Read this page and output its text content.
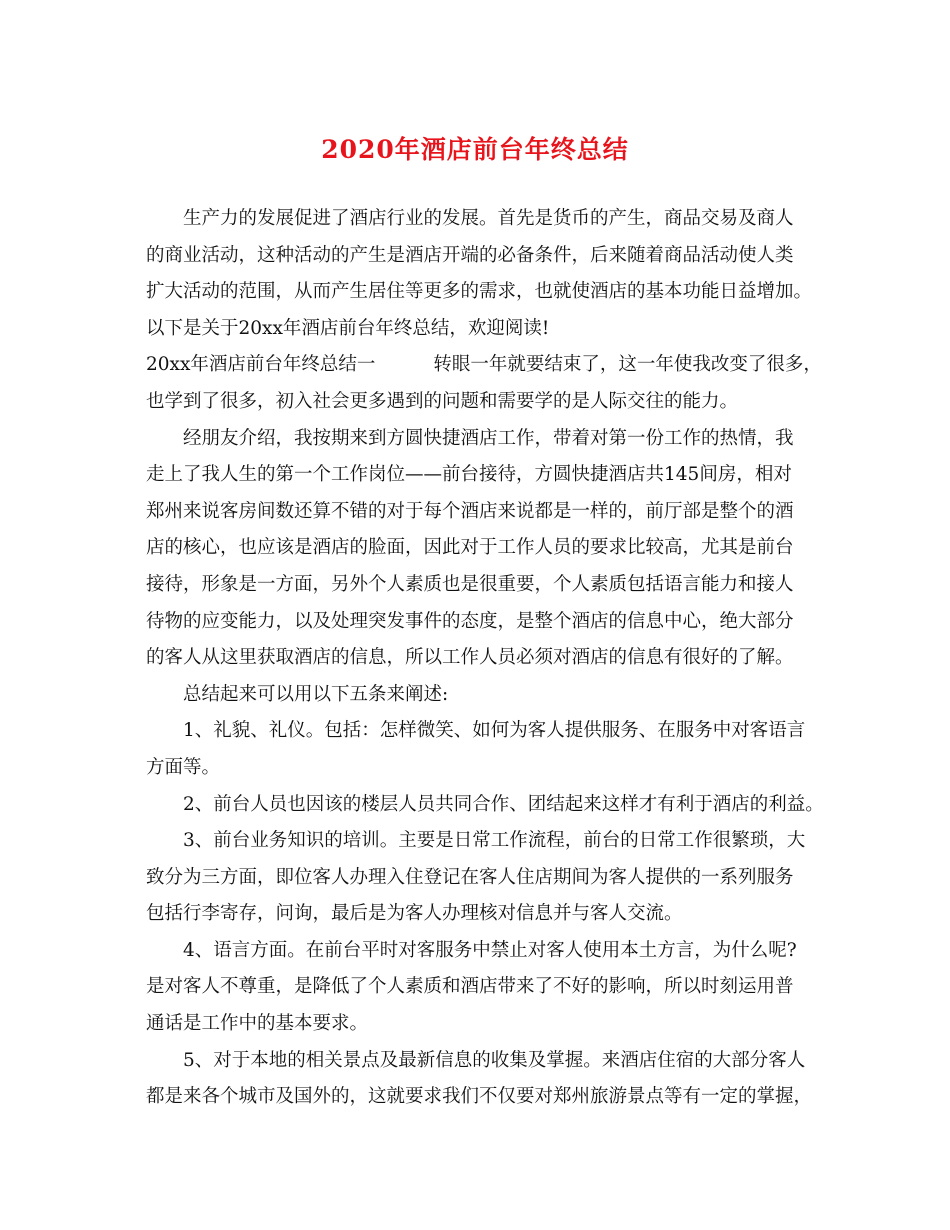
2020年酒店前台年终总结
生产力的发展促进了酒店行业的发展。首先是货币的产生，商品交易及商人
的商业活动，这种活动的产生是酒店开端的必备条件，后来随着商品活动使人类
扩大活动的范围，从而产生居住等更多的需求，也就使酒店的基本功能日益增加。
以下是关于20xx年酒店前台年终总结，欢迎阅读!
20xx年酒店前台年终总结一	转眼一年就要结束了，这一年使我改变了很多，
也学到了很多，初入社会更多遇到的问题和需要学的是人际交往的能力。
经朋友介绍，我按期来到方圆快捷酒店工作，带着对第一份工作的热情，我
走上了我人生的第一个工作岗位——前台接待，方圆快捷酒店共145间房，相对
郑州来说客房间数还算不错的对于每个酒店来说都是一样的，前厅部是整个的酒
店的核心，也应该是酒店的脸面，因此对于工作人员的要求比较高，尤其是前台
接待，形象是一方面，另外个人素质也是很重要，个人素质包括语言能力和接人
待物的应变能力，以及处理突发事件的态度，是整个酒店的信息中心，绝大部分
的客人从这里获取酒店的信息，所以工作人员必须对酒店的信息有很好的了解。
总结起来可以用以下五条来阐述:
1、礼貌、礼仪。包括：怎样微笑、如何为客人提供服务、在服务中对客语言
方面等。
2、前台人员也因该的楼层人员共同合作、团结起来这样才有利于酒店的利益。
3、前台业务知识的培训。主要是日常工作流程，前台的日常工作很繁琐，大
致分为三方面，即位客人办理入住登记在客人住店期间为客人提供的一系列服务
包括行李寄存，问询，最后是为客人办理核对信息并与客人交流。
4、语言方面。在前台平时对客服务中禁止对客人使用本土方言，为什么呢?
是对客人不尊重，是降低了个人素质和酒店带来了不好的影响，所以时刻运用普
通话是工作中的基本要求。
5、对于本地的相关景点及最新信息的收集及掌握。来酒店住宿的大部分客人
都是来各个城市及国外的，这就要求我们不仅要对郑州旅游景点等有一定的掌握，
